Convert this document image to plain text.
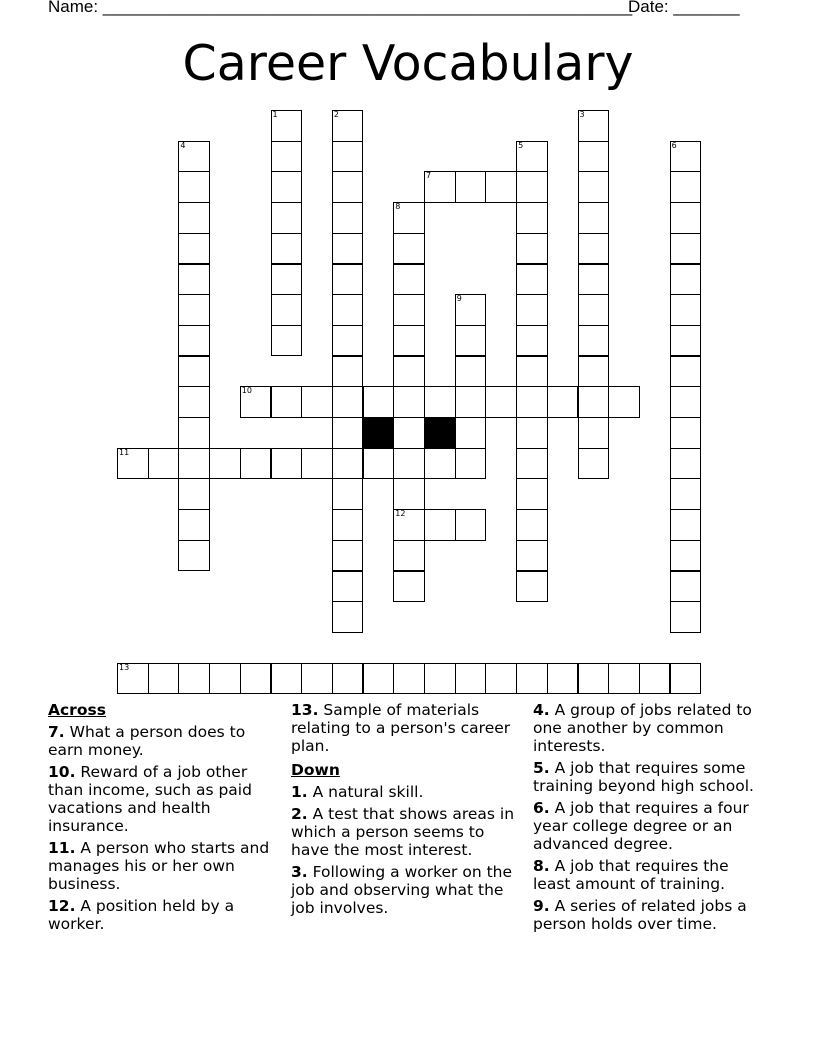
Name: ________________________________________________________
Date: _______
Career Vocabulary
1	2	3
4	5	6
7
8
12
9
10
11
13
Across
7. What a person does to earn money.
10. Reward of a job other than income, such as paid vacations and health insurance.
11. A person who starts and manages his or her own business.
12. A position held by a worker.
13. Sample of materials relating to a person's career plan.
Down
1. A natural skill.
2. A test that shows areas in which a person seems to have the most interest.
3. Following a worker on the job and observing what the job involves.
4. A group of jobs related to one another by common interests.
5. A job that requires some training beyond high school.
6. A job that requires a four year college degree or an advanced degree.
8. A job that requires the least amount of training.
9. A series of related jobs a person holds over time.
